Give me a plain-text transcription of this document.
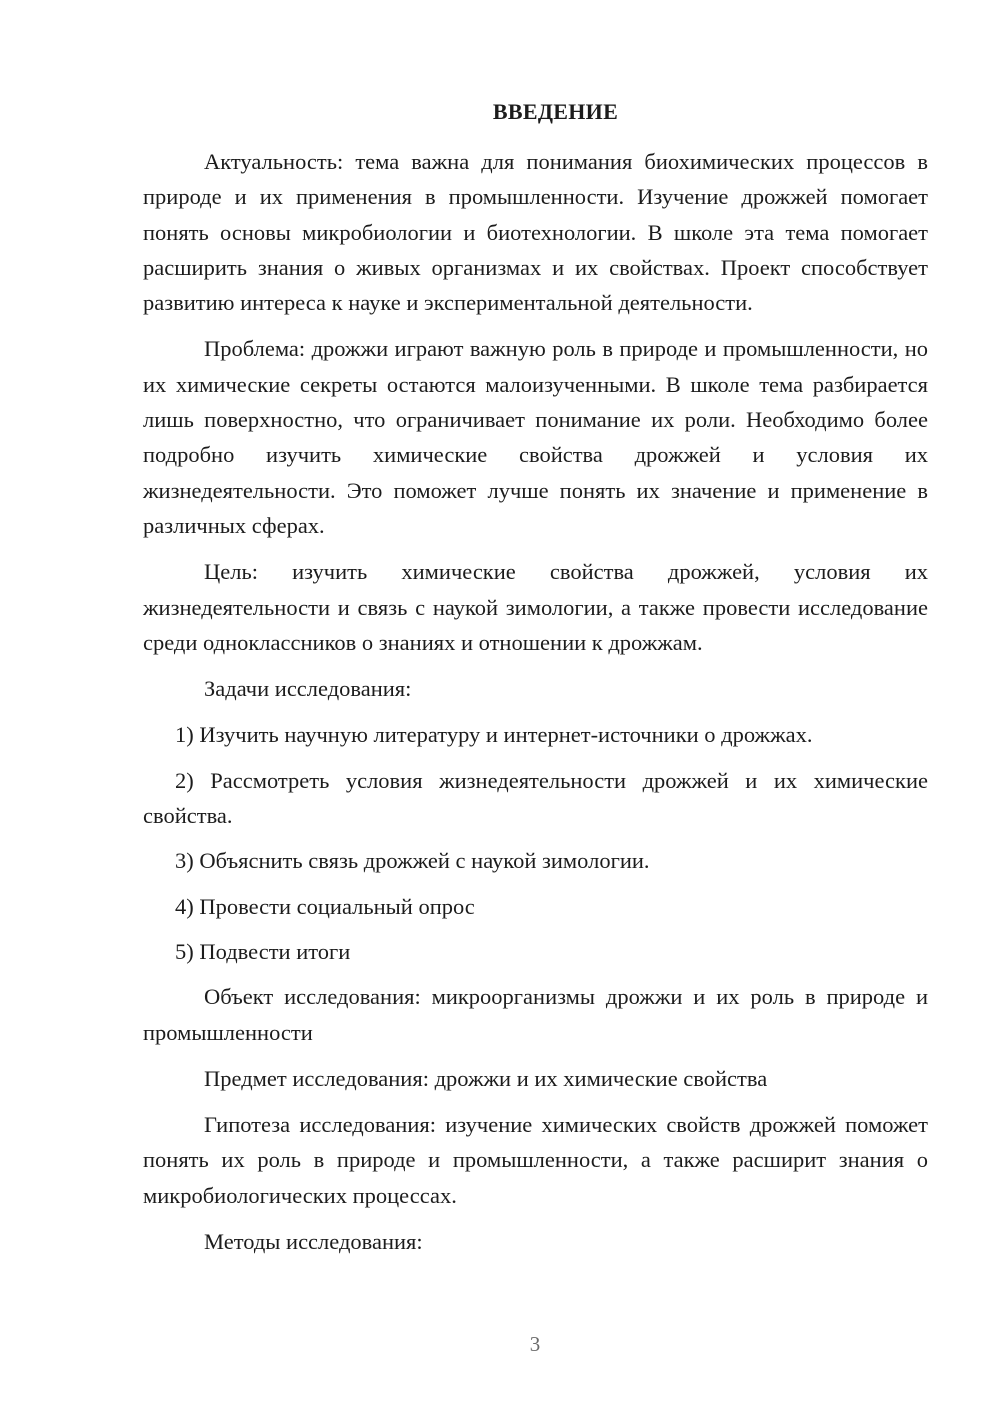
ВВЕДЕНИЕ

Актуальность: тема важна для понимания биохимических процессов в природе и их применения в промышленности. Изучение дрожжей помогает понять основы микробиологии и биотехнологии. В школе эта тема помогает расширить знания о живых организмах и их свойствах. Проект способствует развитию интереса к науке и экспериментальной деятельности.

Проблема: дрожжи играют важную роль в природе и промышленности, но их химические секреты остаются малоизученными. В школе тема разбирается лишь поверхностно, что ограничивает понимание их роли. Необходимо более подробно изучить химические свойства дрожжей и условия их жизнедеятельности. Это поможет лучше понять их значение и применение в различных сферах.

Цель: изучить химические свойства дрожжей, условия их жизнедеятельности и связь с наукой зимологии, а также провести исследование среди одноклассников о знаниях и отношении к дрожжам.

Задачи исследования:

1) Изучить научную литературу и интернет-источники о дрожжах.

2) Рассмотреть условия жизнедеятельности дрожжей и их химические свойства.

3) Объяснить связь дрожжей с наукой зимологии.

4) Провести социальный опрос

5) Подвести итоги

Объект исследования: микроорганизмы дрожжи и их роль в природе и промышленности

Предмет исследования: дрожжи и их химические свойства

Гипотеза исследования: изучение химических свойств дрожжей поможет понять их роль в природе и промышленности, а также расширит знания о микробиологических процессах.

Методы исследования:

3
